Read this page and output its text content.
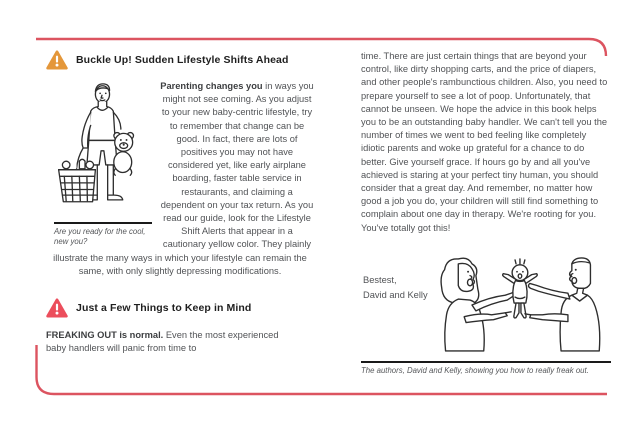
Buckle Up! Sudden Lifestyle Shifts Ahead
Are you ready for the cool, new you?

Parenting changes you in ways you might not see coming. As you adjust to your new baby-centric lifestyle, try to remember that change can be good. In fact, there are lots of positives you may not have considered yet, like early airplane boarding, faster table service in restaurants, and claiming a dependent on your tax return. As you read our guide, look for the Lifestyle Shift Alerts that appear in a cautionary yellow color. They plainly illustrate the many ways in which your lifestyle can remain the same, with only slightly depressing modifications.

Just a Few Things to Keep in Mind

FREAKING OUT is normal. Even the most experienced baby handlers will panic from time to

time. There are just certain things that are beyond your control, like dirty shopping carts, and the price of diapers, and other people's rambunctious children. Also, you need to prepare yourself to see a lot of poop. Unfortunately, that cannot be unseen. We hope the advice in this book helps you to be an outstanding baby handler. We can't tell you the number of times we went to bed feeling like completely idiotic parents and woke up grateful for a chance to do better. Give yourself grace. If hours go by and all you've achieved is staring at your perfect tiny human, you should consider that a great day. And remember, no matter how good a job you do, your children will still find something to complain about one day in therapy. We're rooting for you. You've totally got this!

Bestest,
David and Kelly
The authors, David and Kelly, showing you how to really freak out.
